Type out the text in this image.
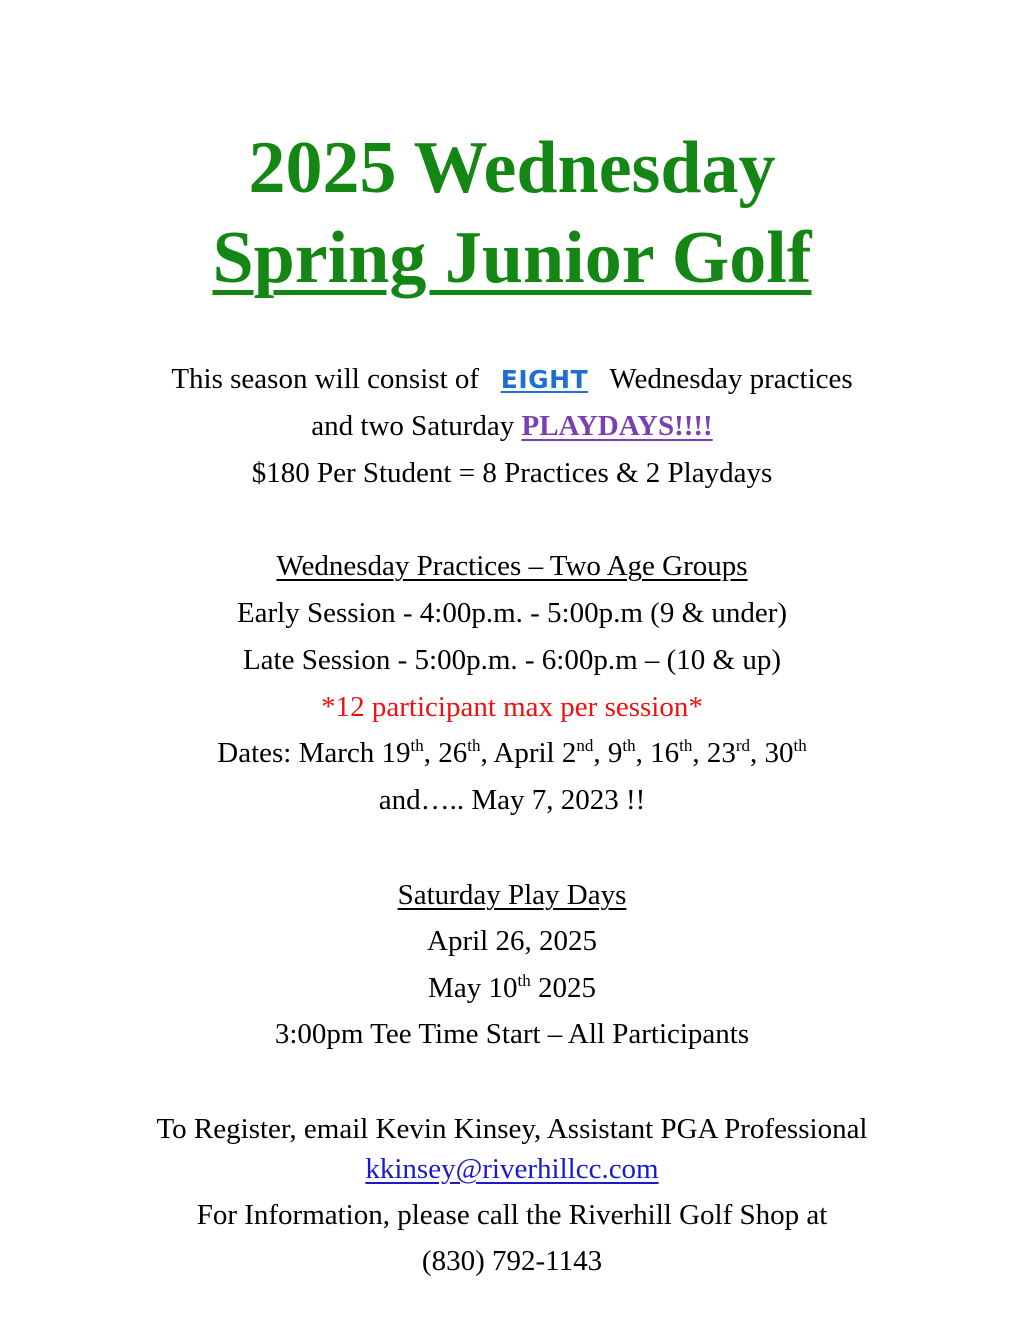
2025 Wednesday
Spring Junior Golf
This season will consist of EIGHT Wednesday practices
and two Saturday PLAYDAYS!!!!
$180 Per Student = 8 Practices & 2 Playdays
Wednesday Practices – Two Age Groups
Early Session - 4:00p.m. - 5:00p.m (9 & under)
Late Session - 5:00p.m. - 6:00p.m – (10 & up)
*12 participant max per session*
Dates: March 19th, 26th, April 2nd, 9th, 16th, 23rd, 30th
and….. May 7, 2023 !!
Saturday Play Days
April 26, 2025
May 10th 2025
3:00pm Tee Time Start – All Participants
To Register, email Kevin Kinsey, Assistant PGA Professional
kkinsey@riverhillcc.com
For Information, please call the Riverhill Golf Shop at
(830) 792-1143
